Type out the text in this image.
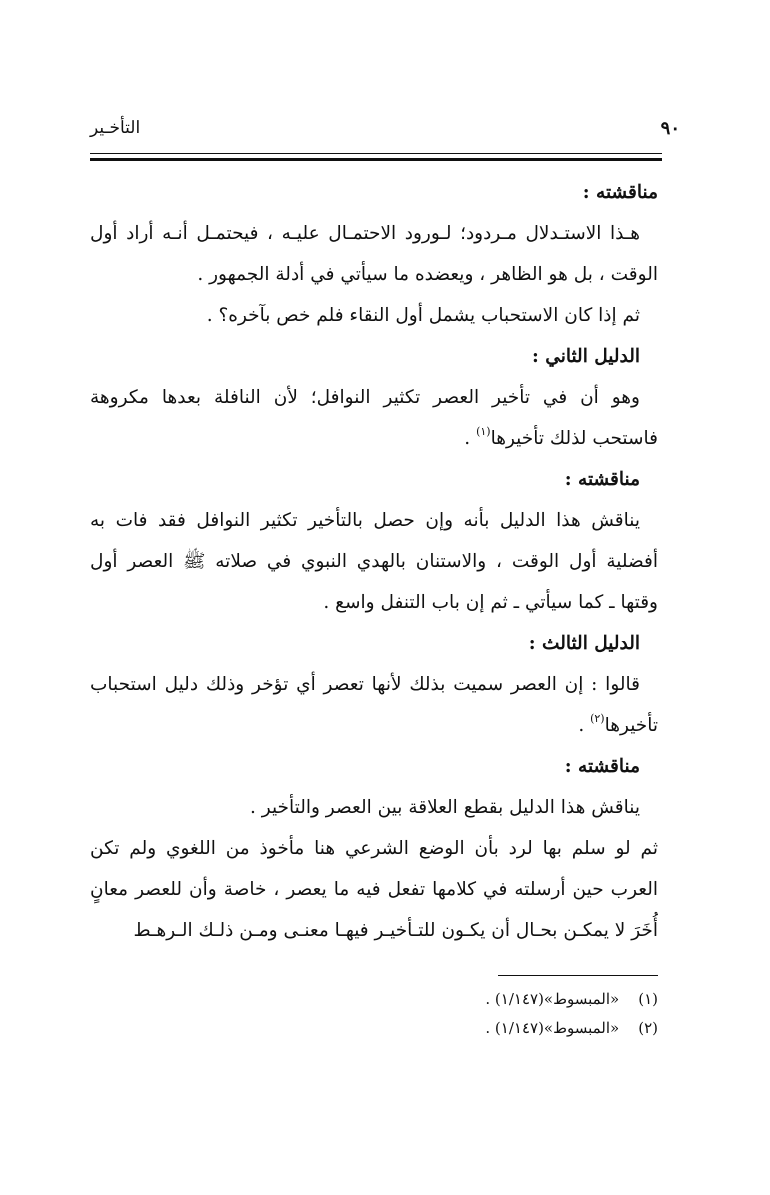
٩٠
التأخـير

مناقشته :

هـذا الاستـدلال مـردود؛ لـورود الاحتمـال عليـه ، فيحتمـل أنـه أراد أول الوقت ، بل هو الظاهر ، ويعضده ما سيأتي في أدلة الجمهور .

ثم إذا كان الاستحباب يشمل أول النقاء فلم خص بآخره؟ .

الدليل الثاني :

وهو أن في تأخير العصر تكثير النوافل؛ لأن النافلة بعدها مكروهة فاستحب لذلك تأخيرها$^{(١)}$ .

مناقشته :

يناقش هذا الدليل بأنه وإن حصل بالتأخير تكثير النوافل فقد فات به أفضلية أول الوقت ، والاستنان بالهدي النبوي في صلاته ﷺ العصر أول وقتها ـ كما سيأتي ـ ثم إن باب التنفل واسع .

الدليل الثالث :

قالوا : إن العصر سميت بذلك لأنها تعصر أي تؤخر وذلك دليل استحباب تأخيرها$^{(٢)}$ .

مناقشته :

يناقش هذا الدليل بقطع العلاقة بين العصر والتأخير .

ثم لو سلم بها لرد بأن الوضع الشرعي هنا مأخوذ من اللغوي ولم تكن العرب حين أرسلته في كلامها تفعل فيه ما يعصر ، خاصة وأن للعصر معانٍ أُخَرَ لا يمكـن بحـال أن يكـون للتـأخيـر فيهـا معنـى ومـن ذلـك الـرهـط

(١) «المبسوط»(١/١٤٧) .
(٢) «المبسوط»(١/١٤٧) .
